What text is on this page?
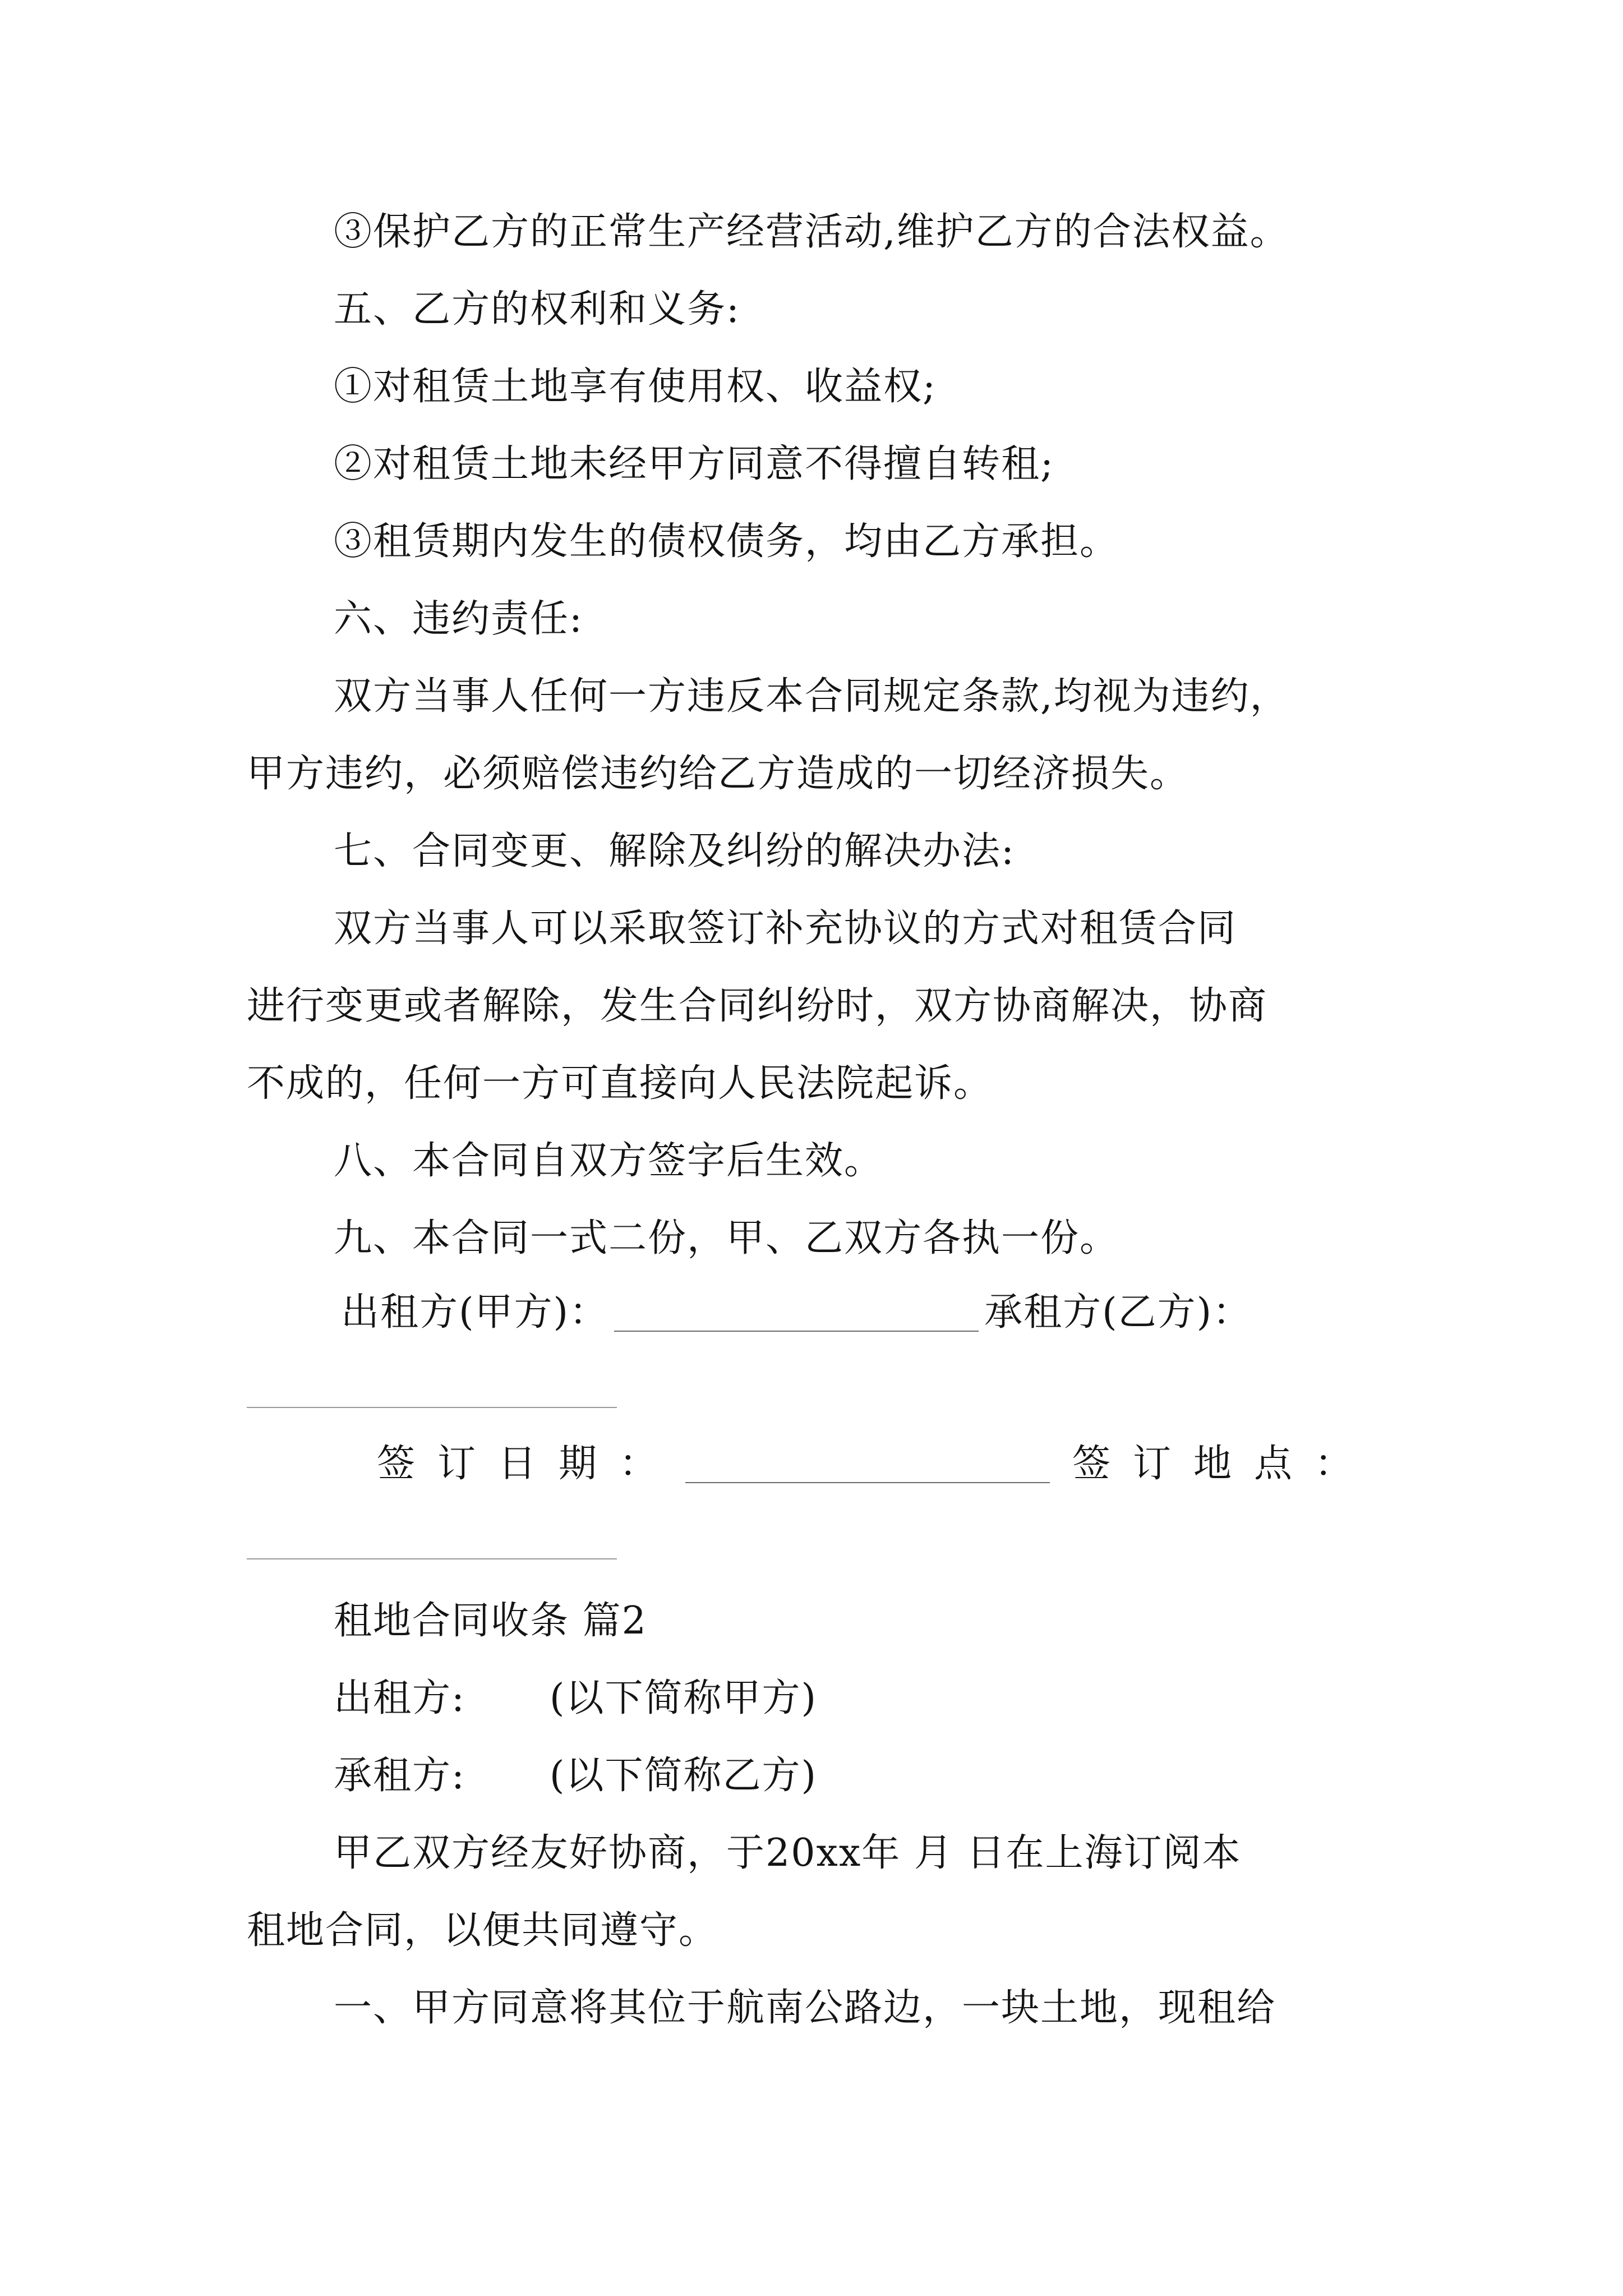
③保护乙方的正常生产经营活动,维护乙方的合法权益。
五、乙方的权利和义务:
①对租赁土地享有使用权、收益权;
②对租赁土地未经甲方同意不得擅自转租;
③租赁期内发生的债权债务，均由乙方承担。
六、违约责任:
双方当事人任何一方违反本合同规定条款,均视为违约，
甲方违约，必须赔偿违约给乙方造成的一切经济损失。
七、合同变更、解除及纠纷的解决办法:
双方当事人可以采取签订补充协议的方式对租赁合同
进行变更或者解除，发生合同纠纷时，双方协商解决，协商
不成的，任何一方可直接向人民法院起诉。
八、本合同自双方签字后生效。
九、本合同一式二份，甲、乙双方各执一份。
出租方(甲方)：	承租方(乙方)：
签订日期：	签订地点：
租地合同收条 篇2
出租方: (以下简称甲方)
承租方: (以下简称乙方)
甲乙双方经友好协商，于20xx年 月 日在上海订阅本
租地合同，以便共同遵守。
一、甲方同意将其位于航南公路边，一块土地，现租给
